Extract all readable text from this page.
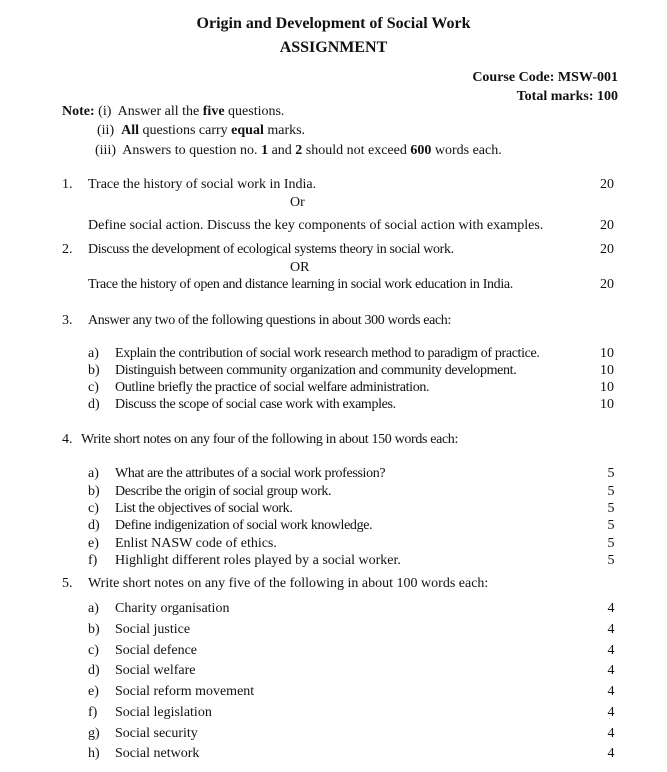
Origin and Development of Social Work
ASSIGNMENT
Course Code: MSW-001
Total marks: 100
Note: (i) Answer all the five questions.
(ii) All questions carry equal marks.
(iii) Answers to question no. 1 and 2 should not exceed 600 words each.
1. Trace the history of social work in India.	20
Or
Define social action. Discuss the key components of social action with examples.	20
2. Discuss the development of ecological systems theory in social work.	20
OR
Trace the history of open and distance learning in social work education in India.	20
3. Answer any two of the following questions in about 300 words each:
a) Explain the contribution of social work research method to paradigm of practice.	10
b) Distinguish between community organization and community development.	10
c) Outline briefly the practice of social welfare administration.	10
d) Discuss the scope of social case work with examples.	10
4. Write short notes on any four of the following in about 150 words each:
a) What are the attributes of a social work profession?	5
b) Describe the origin of social group work.	5
c) List the objectives of social work.	5
d) Define indigenization of social work knowledge.	5
e) Enlist NASW code of ethics.	5
f) Highlight different roles played by a social worker.	5
5. Write short notes on any five of the following in about 100 words each:
a) Charity organisation	4
b) Social justice	4
c) Social defence	4
d) Social welfare	4
e) Social reform movement	4
f) Social legislation	4
g) Social security	4
h) Social network	4
